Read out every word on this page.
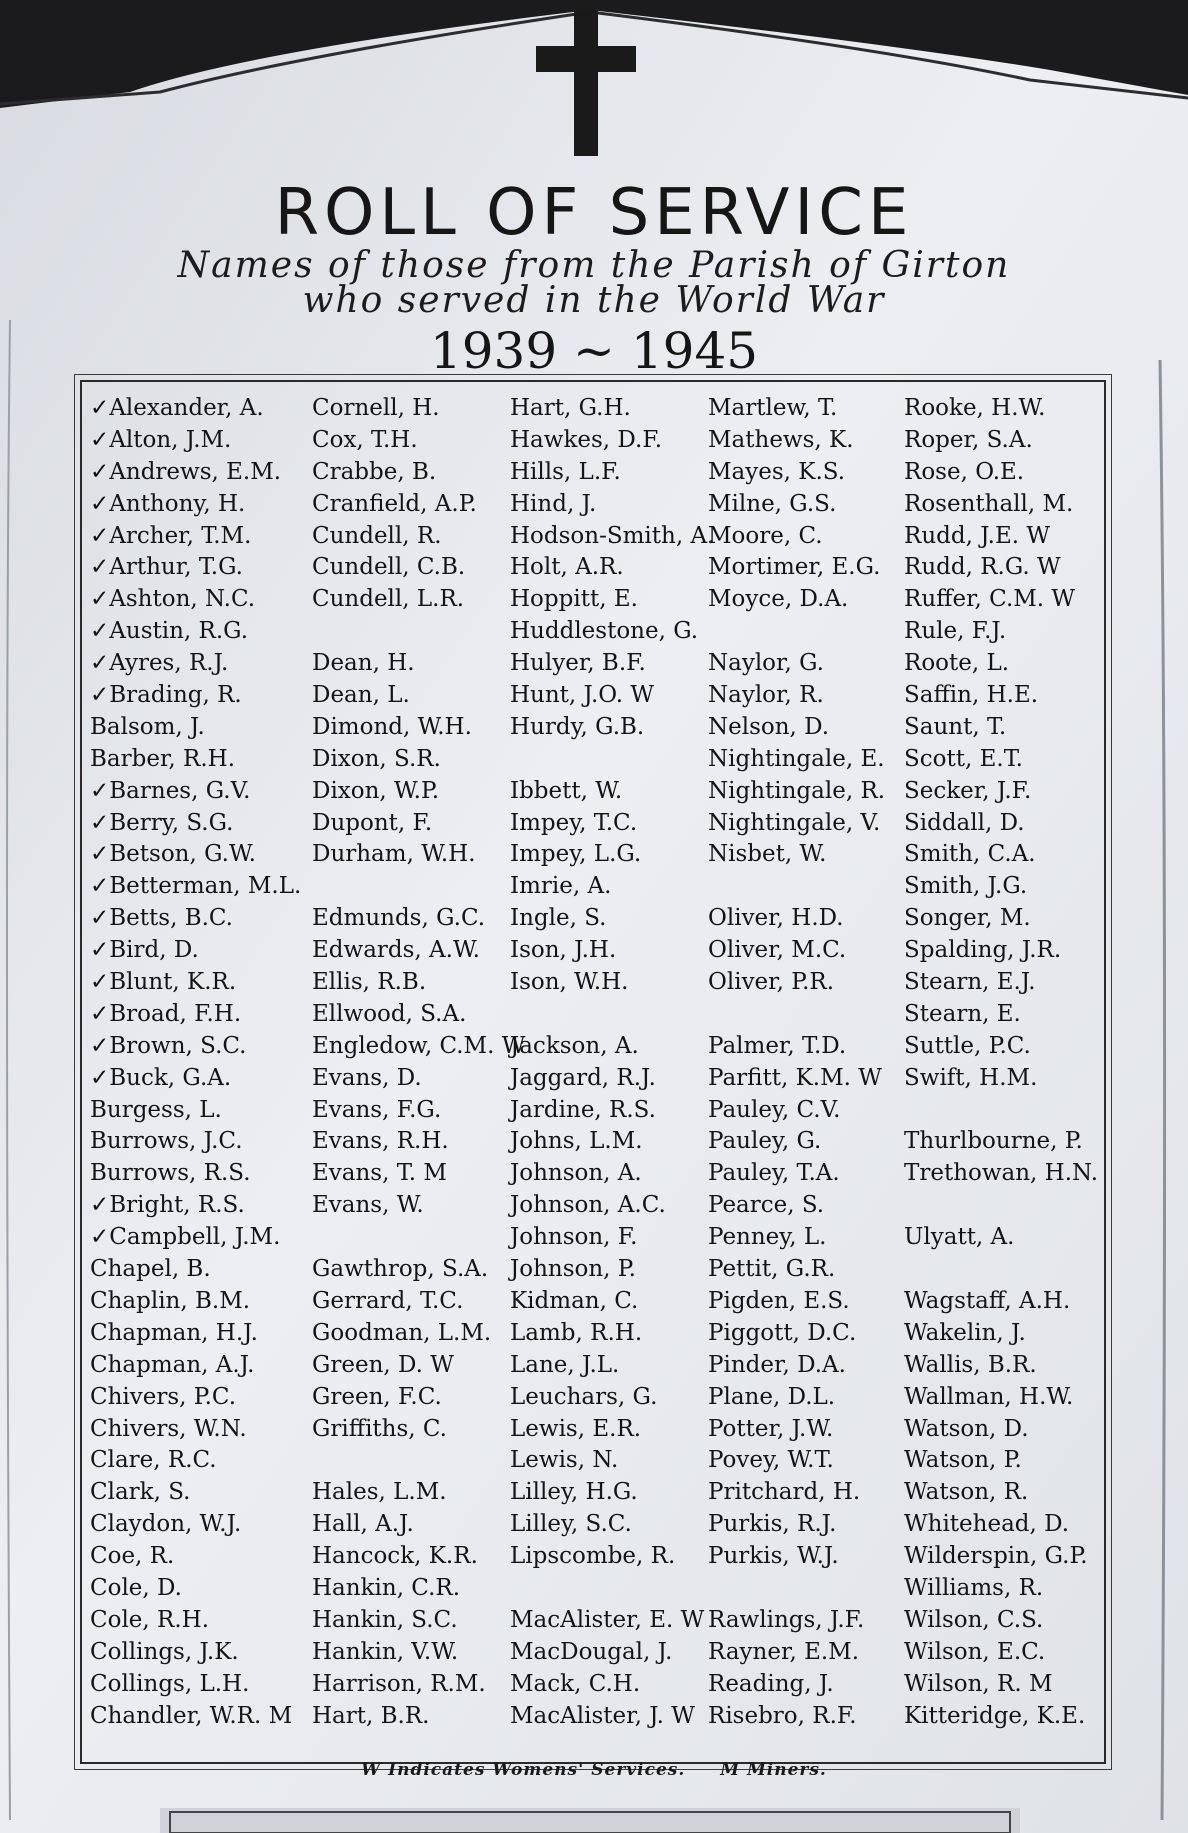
ROLL OF SERVICE
Names of those from the Parish of Girton
who served in the World War
1939 ~ 1945
✓Alexander, A.
✓Alton, J.M.
✓Andrews, E.M.
✓Anthony, H.
✓Archer, T.M.
✓Arthur, T.G.
✓Ashton, N.C.
✓Austin, R.G.
✓Ayres, R.J.
✓Brading, R.
Balsom, J.
Barber, R.H.
✓Barnes, G.V.
✓Berry, S.G.
✓Betson, G.W.
✓Betterman, M.L.
✓Betts, B.C.
✓Bird, D.
✓Blunt, K.R.
✓Broad, F.H.
✓Brown, S.C.
✓Buck, G.A.
Burgess, L.
Burrows, J.C.
Burrows, R.S.
✓Bright, R.S.
✓Campbell, J.M.
Chapel, B.
Chaplin, B.M.
Chapman, H.J.
Chapman, A.J.
Chivers, P.C.
Chivers, W.N.
Clare, R.C.
Clark, S.
Claydon, W.J.
Coe, R.
Cole, D.
Cole, R.H.
Collings, J.K.
Collings, L.H.
Chandler, W.R. M
Cornell, H.
Cox, T.H.
Crabbe, B.
Cranfield, A.P.
Cundell, R.
Cundell, C.B.
Cundell, L.R.
Dean, H.
Dean, L.
Dimond, W.H.
Dixon, S.R.
Dixon, W.P.
Dupont, F.
Durham, W.H.
Edmunds, G.C.
Edwards, A.W.
Ellis, R.B.
Ellwood, S.A.
Engledow, C.M. W
Evans, D.
Evans, F.G.
Evans, R.H.
Evans, T. M
Evans, W.
Gawthrop, S.A.
Gerrard, T.C.
Goodman, L.M.
Green, D. W
Green, F.C.
Griffiths, C.
Hales, L.M.
Hall, A.J.
Hancock, K.R.
Hankin, C.R.
Hankin, S.C.
Hankin, V.W.
Harrison, R.M.
Hart, B.R.
Hart, G.H.
Hawkes, D.F.
Hills, L.F.
Hind, J.
Hodson-Smith, A.
Holt, A.R.
Hoppitt, E.
Huddlestone, G.
Hulyer, B.F.
Hunt, J.O. W
Hurdy, G.B.
Ibbett, W.
Impey, T.C.
Impey, L.G.
Imrie, A.
Ingle, S.
Ison, J.H.
Ison, W.H.
Jackson, A.
Jaggard, R.J.
Jardine, R.S.
Johns, L.M.
Johnson, A.
Johnson, A.C.
Johnson, F.
Johnson, P.
Kidman, C.
Lamb, R.H.
Lane, J.L.
Leuchars, G.
Lewis, E.R.
Lewis, N.
Lilley, H.G.
Lilley, S.C.
Lipscombe, R.
MacAlister, E. W
MacDougal, J.
Mack, C.H.
MacAlister, J. W
Martlew, T.
Mathews, K.
Mayes, K.S.
Milne, G.S.
Moore, C.
Mortimer, E.G.
Moyce, D.A.
Naylor, G.
Naylor, R.
Nelson, D.
Nightingale, E.
Nightingale, R.
Nightingale, V.
Nisbet, W.
Oliver, H.D.
Oliver, M.C.
Oliver, P.R.
Palmer, T.D.
Parfitt, K.M. W
Pauley, C.V.
Pauley, G.
Pauley, T.A.
Pearce, S.
Penney, L.
Pettit, G.R.
Pigden, E.S.
Piggott, D.C.
Pinder, D.A.
Plane, D.L.
Potter, J.W.
Povey, W.T.
Pritchard, H.
Purkis, R.J.
Purkis, W.J.
Rawlings, J.F.
Rayner, E.M.
Reading, J.
Risebro, R.F.
Rooke, H.W.
Roper, S.A.
Rose, O.E.
Rosenthall, M.
Rudd, J.E. W
Rudd, R.G. W
Ruffer, C.M. W
Rule, F.J.
Roote, L.
Saffin, H.E.
Saunt, T.
Scott, E.T.
Secker, J.F.
Siddall, D.
Smith, C.A.
Smith, J.G.
Songer, M.
Spalding, J.R.
Stearn, E.J.
Stearn, E.
Suttle, P.C.
Swift, H.M.
Thurlbourne, P.
Trethowan, H.N.
Ulyatt, A.
Wagstaff, A.H.
Wakelin, J.
Wallis, B.R.
Wallman, H.W.
Watson, D.
Watson, P.
Watson, R.
Whitehead, D.
Wilderspin, G.P.
Williams, R.
Wilson, C.S.
Wilson, E.C.
Wilson, R. M
Kitteridge, K.E.
W Indicates Womens' Services. M Miners.
